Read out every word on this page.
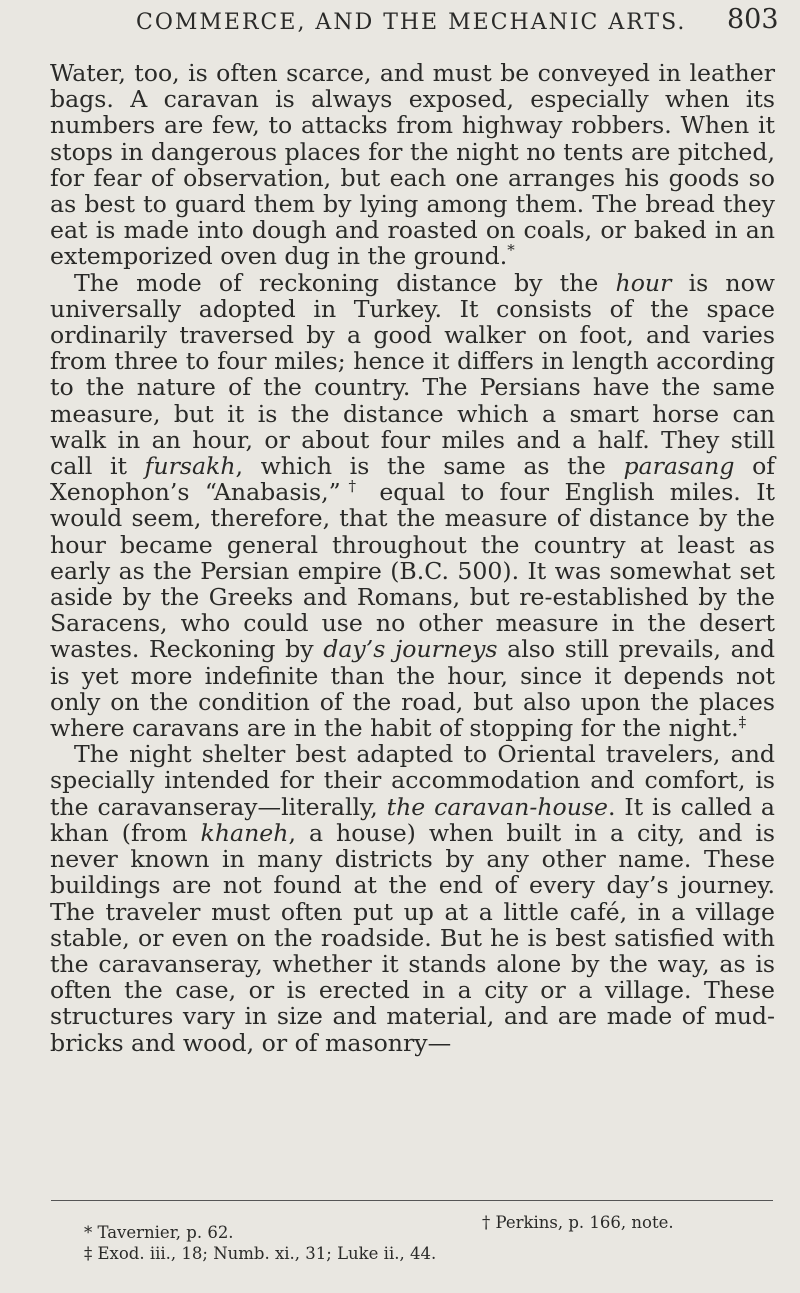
COMMERCE, AND THE MECHANIC ARTS. 803

Water, too, is often scarce, and must be conveyed in leather bags. A caravan is always exposed, especially when its numbers are few, to attacks from highway robbers. When it stops in dangerous places for the night no tents are pitched, for fear of observation, but each one arranges his goods so as best to guard them by lying among them. The bread they eat is made into dough and roasted on coals, or baked in an extemporized oven dug in the ground.*

The mode of reckoning distance by the hour is now universally adopted in Turkey. It consists of the space ordinarily traversed by a good walker on foot, and varies from three to four miles; hence it differs in length according to the nature of the country. The Persians have the same measure, but it is the distance which a smart horse can walk in an hour, or about four miles and a half. They still call it fursakh, which is the same as the parasang of Xenophon’s “Anabasis,”† equal to four English miles. It would seem, therefore, that the measure of distance by the hour became general throughout the country at least as early as the Persian empire (B.C. 500). It was somewhat set aside by the Greeks and Romans, but re-established by the Saracens, who could use no other measure in the desert wastes. Reckoning by day’s journeys also still prevails, and is yet more indefinite than the hour, since it depends not only on the condition of the road, but also upon the places where caravans are in the habit of stopping for the night.‡

The night shelter best adapted to Oriental travelers, and specially intended for their accommodation and comfort, is the caravanseray—literally, the caravan-house. It is called a khan (from khaneh, a house) when built in a city, and is never known in many districts by any other name. These buildings are not found at the end of every day’s journey. The traveler must often put up at a little café, in a village stable, or even on the roadside. But he is best satisfied with the caravanseray, whether it stands alone by the way, as is often the case, or is erected in a city or a village. These structures vary in size and material, and are made of mud-bricks and wood, or of masonry—

* Tavernier, p. 62.
† Perkins, p. 166, note.
‡ Exod. iii., 18; Numb. xi., 31; Luke ii., 44.
